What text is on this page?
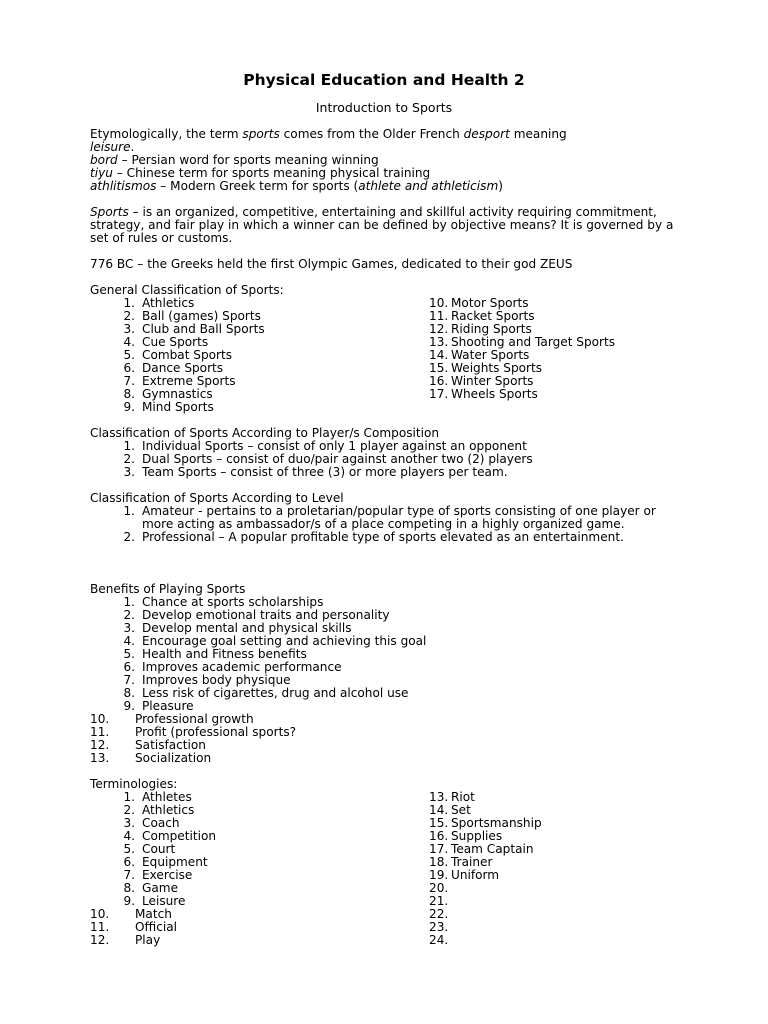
Physical Education and Health 2
Introduction to Sports
Etymologically, the term sports comes from the Older French desport meaning
leisure.
bord – Persian word for sports meaning winning
tiyu – Chinese term for sports meaning physical training
athlitismos – Modern Greek term for sports (athlete and athleticism)
Sports – is an organized, competitive, entertaining and skillful activity requiring commitment, strategy, and fair play in which a winner can be defined by objective means? It is governed by a set of rules or customs.
776 BC – the Greeks held the first Olympic Games, dedicated to their god ZEUS
General Classification of Sports:
1. Athletics
2. Ball (games) Sports
3. Club and Ball Sports
4. Cue Sports
5. Combat Sports
6. Dance Sports
7. Extreme Sports
8. Gymnastics
9. Mind Sports
10. Motor Sports
11. Racket Sports
12. Riding Sports
13. Shooting and Target Sports
14. Water Sports
15. Weights Sports
16. Winter Sports
17. Wheels Sports
Classification of Sports According to Player/s Composition
1. Individual Sports – consist of only 1 player against an opponent
2. Dual Sports – consist of duo/pair against another two (2) players
3. Team Sports – consist of three (3) or more players per team.
Classification of Sports According to Level
1. Amateur - pertains to a proletarian/popular type of sports consisting of one player or more acting as ambassador/s of a place competing in a highly organized game.
2. Professional – A popular profitable type of sports elevated as an entertainment.
Benefits of Playing Sports
1. Chance at sports scholarships
2. Develop emotional traits and personality
3. Develop mental and physical skills
4. Encourage goal setting and achieving this goal
5. Health and Fitness benefits
6. Improves academic performance
7. Improves body physique
8. Less risk of cigarettes, drug and alcohol use
9. Pleasure
10.	Professional growth
11.	Profit (professional sports?
12.	Satisfaction
13.	Socialization
Terminologies:
1. Athletes
2. Athletics
3. Coach
4. Competition
5. Court
6. Equipment
7. Exercise
8. Game
9. Leisure
10.	Match
11.	Official
12.	Play
13. Riot
14. Set
15. Sportsmanship
16. Supplies
17. Team Captain
18. Trainer
19. Uniform
20.
21.
22.
23.
24.
